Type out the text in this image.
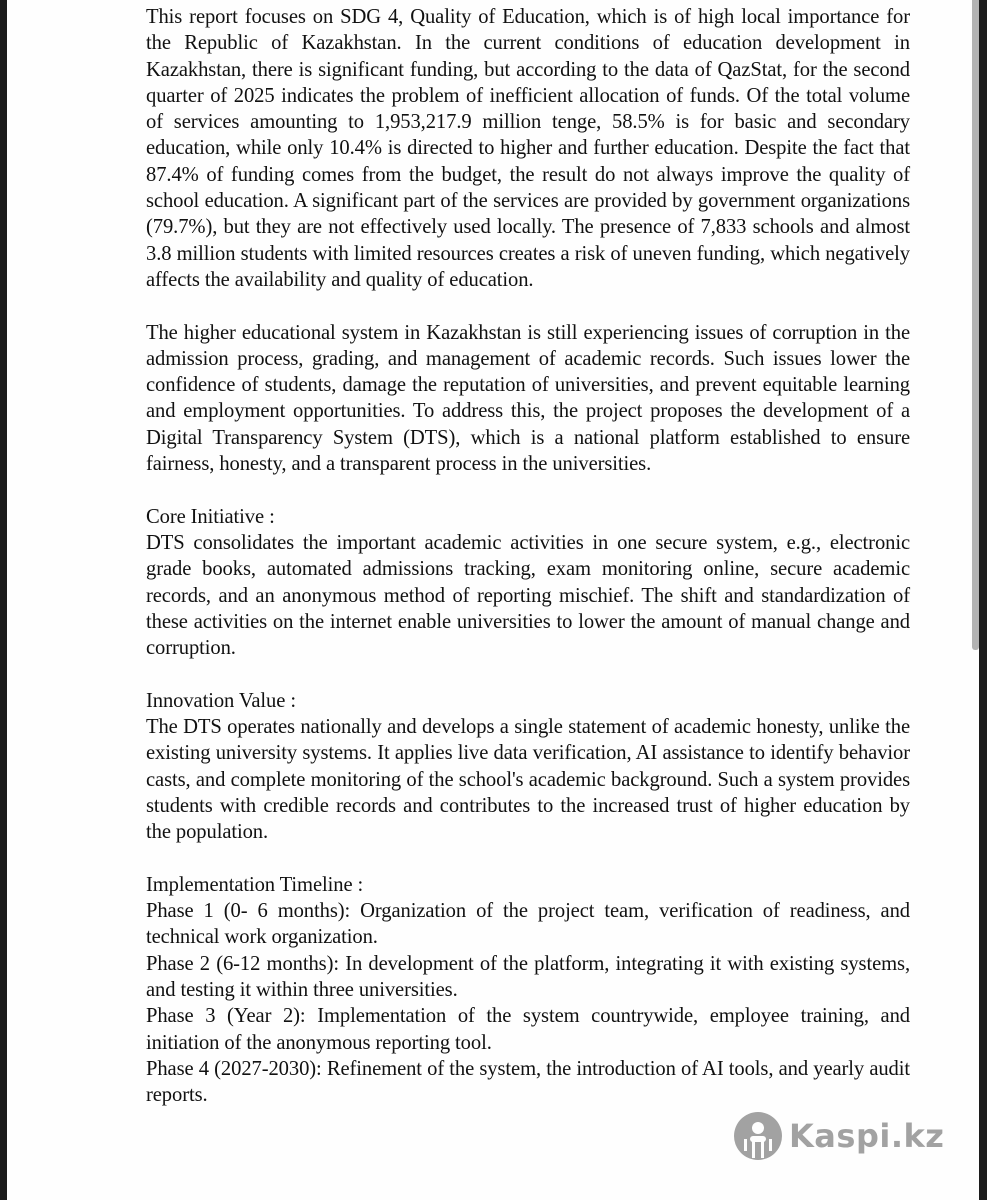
This report focuses on SDG 4, Quality of Education, which is of high local importance for the Republic of Kazakhstan. In the current conditions of education development in Kazakhstan, there is significant funding, but according to the data of QazStat, for the second quarter of 2025 indicates the problem of inefficient allocation of funds. Of the total volume of services amounting to 1,953,217.9 million tenge, 58.5% is for basic and secondary education, while only 10.4% is directed to higher and further education. Despite the fact that 87.4% of funding comes from the budget, the result do not always improve the quality of school education. A significant part of the services are provided by government organizations (79.7%), but they are not effectively used locally. The presence of 7,833 schools and almost 3.8 million students with limited resources creates a risk of uneven funding, which negatively affects the availability and quality of education.

The higher educational system in Kazakhstan is still experiencing issues of corruption in the admission process, grading, and management of academic records. Such issues lower the confidence of students, damage the reputation of universities, and prevent equitable learning and employment opportunities. To address this, the project proposes the development of a Digital Transparency System (DTS), which is a national platform established to ensure fairness, honesty, and a transparent process in the universities.

Core Initiative :

DTS consolidates the important academic activities in one secure system, e.g., electronic grade books, automated admissions tracking, exam monitoring online, secure academic records, and an anonymous method of reporting mischief. The shift and standardization of these activities on the internet enable universities to lower the amount of manual change and corruption.

Innovation Value :

The DTS operates nationally and develops a single statement of academic honesty, unlike the existing university systems. It applies live data verification, AI assistance to identify behavior casts, and complete monitoring of the school's academic background. Such a system provides students with credible records and contributes to the increased trust of higher education by the population.

Implementation Timeline :

Phase 1 (0- 6 months): Organization of the project team, verification of readiness, and technical work organization.

Phase 2 (6-12 months): In development of the platform, integrating it with existing systems, and testing it within three universities.

Phase 3 (Year 2): Implementation of the system countrywide, employee training, and initiation of the anonymous reporting tool.

Phase 4 (2027-2030): Refinement of the system, the introduction of AI tools, and yearly audit reports.

Kaspi.kz
